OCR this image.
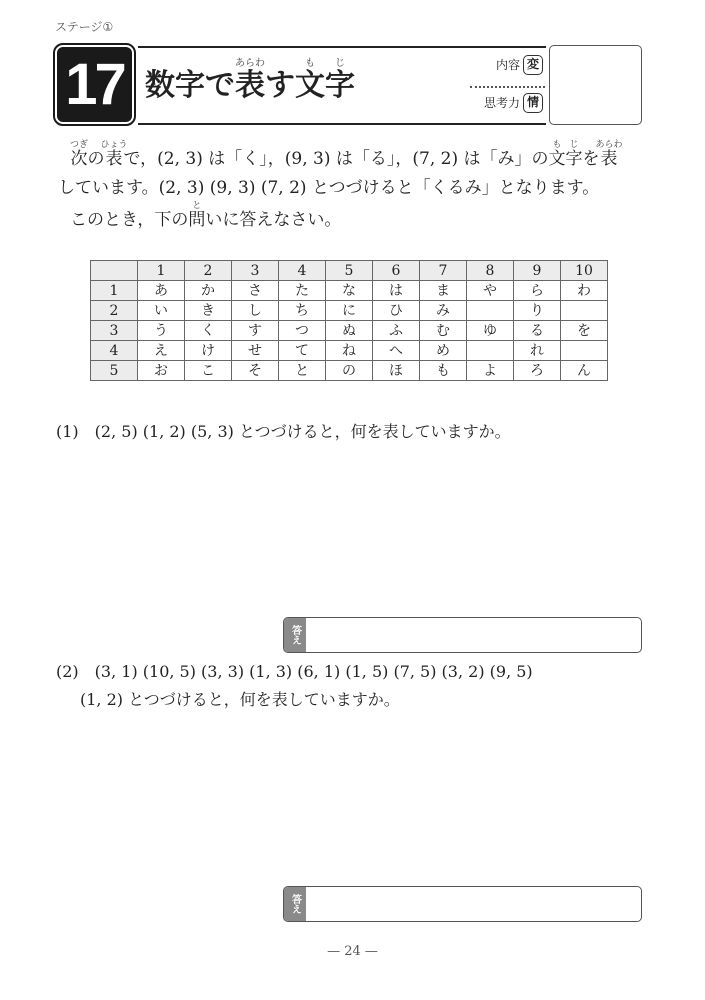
ステージ①
17 数字で表あらわす文字もじ	内容 変
思考力 情
次つぎの表ひょうで，(2, 3) は「く」，(9, 3) は「る」，(7, 2) は「み」の文字もじを表あらわ
しています。(2, 3) (9, 3) (7, 2) とつづけると「くるみ」となります。
このとき，下の問といに答えなさい。
	1	2	3	4	5	6	7	8	9	10
1	あ	か	さ	た	な	は	ま	や	ら	わ
2	い	き	し	ち	に	ひ	み		り	
3	う	く	す	つ	ぬ	ふ	む	ゆ	る	を
4	え	け	せ	て	ね	へ	め		れ	
5	お	こ	そ	と	の	ほ	も	よ	ろ	ん
(1)　(2, 5) (1, 2) (5, 3) とつづけると，何を表していますか。
答え
(2)　(3, 1) (10, 5) (3, 3) (1, 3) (6, 1) (1, 5) (7, 5) (3, 2) (9, 5)
(1, 2) とつづけると，何を表していますか。
答え
— 24 —
